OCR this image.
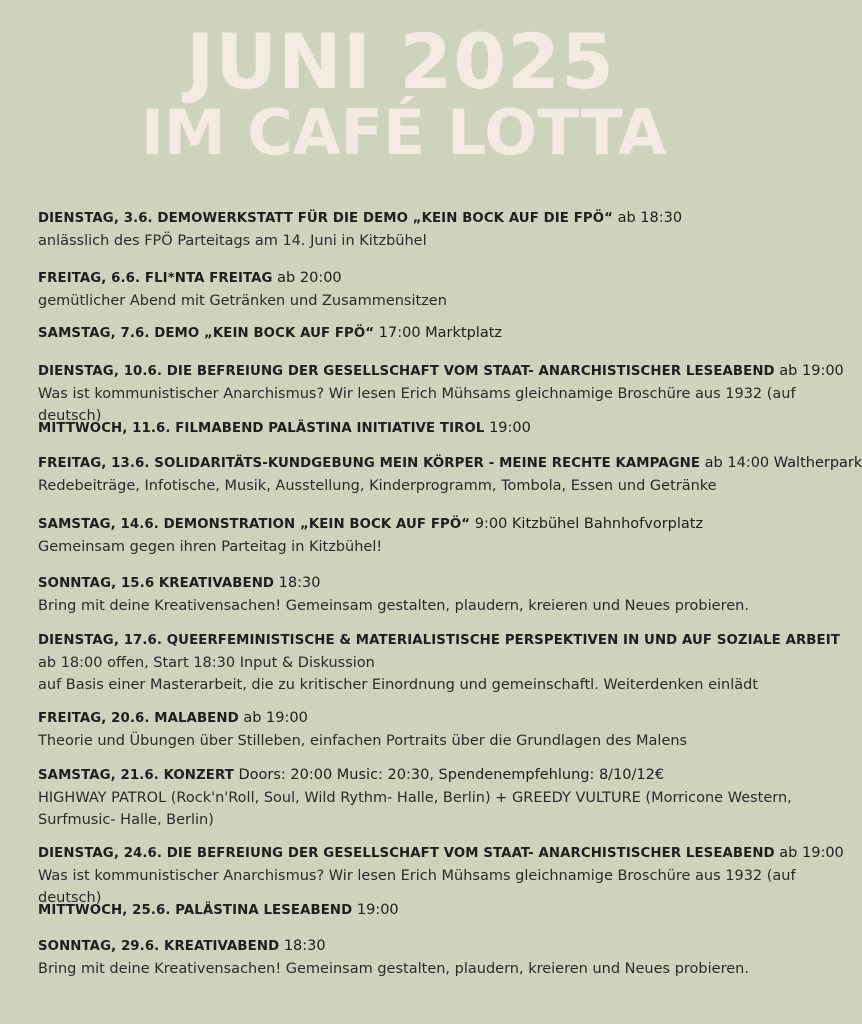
JUNI 2025
IM CAFÉ LOTTA
DIENSTAG, 3.6. DEMOWERKSTATT FÜR DIE DEMO „KEIN BOCK AUF DIE FPÖ“ ab 18:30
anlässlich des FPÖ Parteitags am 14. Juni in Kitzbühel
FREITAG, 6.6. FLI*NTA FREITAG ab 20:00
gemütlicher Abend mit Getränken und Zusammensitzen
SAMSTAG, 7.6. DEMO „KEIN BOCK AUF FPÖ“ 17:00 Marktplatz
DIENSTAG, 10.6. DIE BEFREIUNG DER GESELLSCHAFT VOM STAAT- ANARCHISTISCHER LESEABEND ab 19:00
Was ist kommunistischer Anarchismus? Wir lesen Erich Mühsams gleichnamige Broschüre aus 1932 (auf deutsch)
MITTWOCH, 11.6. FILMABEND PALÄSTINA INITIATIVE TIROL 19:00
FREITAG, 13.6. SOLIDARITÄTS-KUNDGEBUNG MEIN KÖRPER - MEINE RECHTE KAMPAGNE ab 14:00 Waltherpark
Redebeiträge, Infotische, Musik, Ausstellung, Kinderprogramm, Tombola, Essen und Getränke
SAMSTAG, 14.6. DEMONSTRATION „KEIN BOCK AUF FPÖ“ 9:00 Kitzbühel Bahnhofvorplatz
Gemeinsam gegen ihren Parteitag in Kitzbühel!
SONNTAG, 15.6 KREATIVABEND 18:30
Bring mit deine Kreativensachen! Gemeinsam gestalten, plaudern, kreieren und Neues probieren.
DIENSTAG, 17.6. QUEERFEMINISTISCHE & MATERIALISTISCHE PERSPEKTIVEN IN UND AUF SOZIALE ARBEIT
ab 18:00 offen, Start 18:30 Input & Diskussion
auf Basis einer Masterarbeit, die zu kritischer Einordnung und gemeinschaftl. Weiterdenken einlädt
FREITAG, 20.6. MALABEND ab 19:00
Theorie und Übungen über Stilleben, einfachen Portraits über die Grundlagen des Malens
SAMSTAG, 21.6. KONZERT Doors: 20:00 Music: 20:30, Spendenempfehlung: 8/10/12€
HIGHWAY PATROL (Rock'n'Roll, Soul, Wild Rythm- Halle, Berlin) + GREEDY VULTURE (Morricone Western,
Surfmusic- Halle, Berlin)
DIENSTAG, 24.6. DIE BEFREIUNG DER GESELLSCHAFT VOM STAAT- ANARCHISTISCHER LESEABEND ab 19:00
Was ist kommunistischer Anarchismus? Wir lesen Erich Mühsams gleichnamige Broschüre aus 1932 (auf deutsch)
MITTWOCH, 25.6. PALÄSTINA LESEABEND 19:00
SONNTAG, 29.6. KREATIVABEND 18:30
Bring mit deine Kreativensachen! Gemeinsam gestalten, plaudern, kreieren und Neues probieren.
